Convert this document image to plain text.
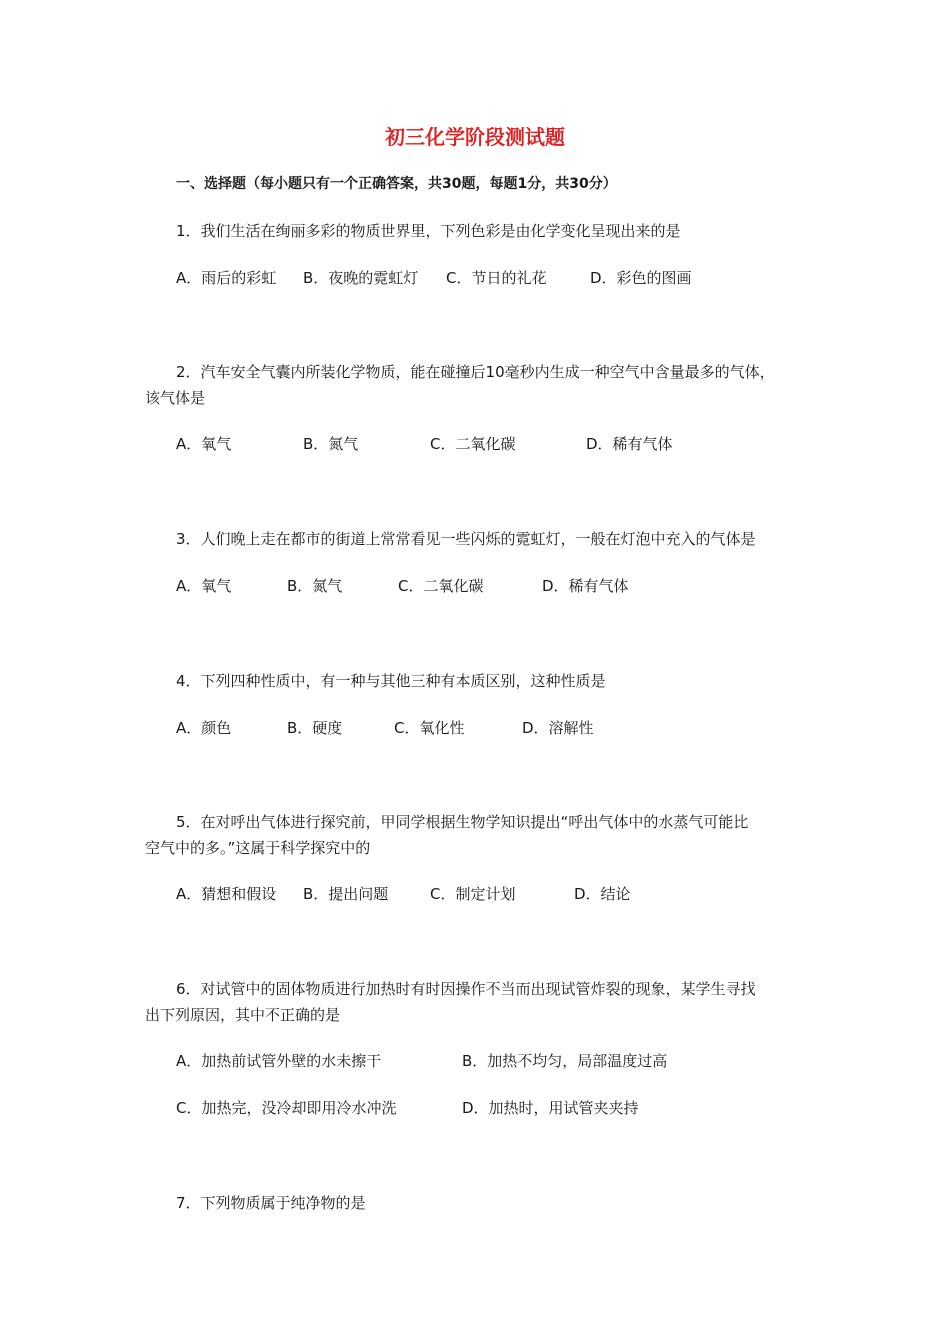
初三化学阶段测试题
一、选择题（每小题只有一个正确答案，共30题，每题1分，共30分）
1．我们生活在绚丽多彩的物质世界里，下列色彩是由化学变化呈现出来的是
A．雨后的彩虹 B．夜晚的霓虹灯 C．节日的礼花	D．彩色的图画
2．汽车安全气囊内所装化学物质，能在碰撞后10毫秒内生成一种空气中含量最多的气体，
该气体是
A．氧气	B．氮气	C．二氧化碳	D．稀有气体
3．人们晚上走在都市的街道上常常看见一些闪烁的霓虹灯，一般在灯泡中充入的气体是
A．氧气	B．氮气	C．二氧化碳	D．稀有气体
4．下列四种性质中，有一种与其他三种有本质区别，这种性质是
A．颜色	B．硬度	C．氧化性	D．溶解性
5．在对呼出气体进行探究前，甲同学根据生物学知识提出“呼出气体中的水蒸气可能比
空气中的多。”这属于科学探究中的
A．猜想和假设 B．提出问题	C．制定计划	D．结论
6．对试管中的固体物质进行加热时有时因操作不当而出现试管炸裂的现象，某学生寻找
出下列原因，其中不正确的是
A．加热前试管外壁的水未擦干	B．加热不均匀，局部温度过高
C．加热完，没冷却即用冷水冲洗	D．加热时，用试管夹夹持
7．下列物质属于纯净物的是
